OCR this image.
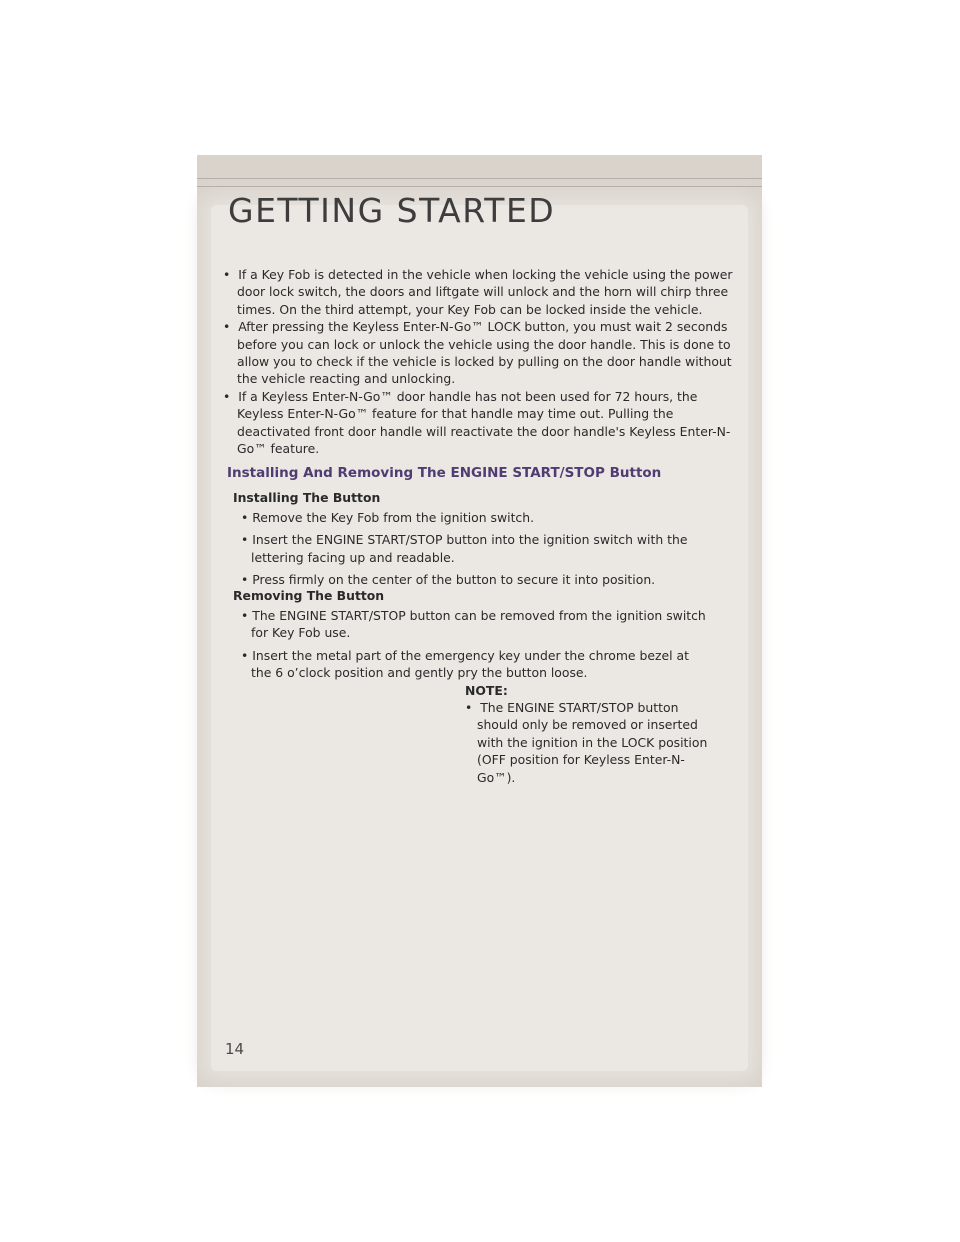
GETTING STARTED
•  If a Key Fob is detected in the vehicle when locking the vehicle using the power door lock switch, the doors and liftgate will unlock and the horn will chirp three times. On the third attempt, your Key Fob can be locked inside the vehicle.
•  After pressing the Keyless Enter-N-Go™ LOCK button, you must wait 2 seconds before you can lock or unlock the vehicle using the door handle. This is done to allow you to check if the vehicle is locked by pulling on the door handle without the vehicle reacting and unlocking.
•  If a Keyless Enter-N-Go™ door handle has not been used for 72 hours, the Keyless Enter-N-Go™ feature for that handle may time out. Pulling the deactivated front door handle will reactivate the door handle's Keyless Enter-N-Go™ feature.
Installing And Removing The ENGINE START/STOP Button
Installing The Button
• Remove the Key Fob from the ignition switch.
• Insert the ENGINE START/STOP button into the ignition switch with the lettering facing up and readable.
• Press firmly on the center of the button to secure it into position.
Removing The Button
• The ENGINE START/STOP button can be removed from the ignition switch for Key Fob use.
• Insert the metal part of the emergency key under the chrome bezel at the 6 o’clock position and gently pry the button loose.

NOTE:

•  The ENGINE START/STOP button should only be removed or inserted with the ignition in the LOCK position (OFF position for Keyless Enter-N-Go™).

14
